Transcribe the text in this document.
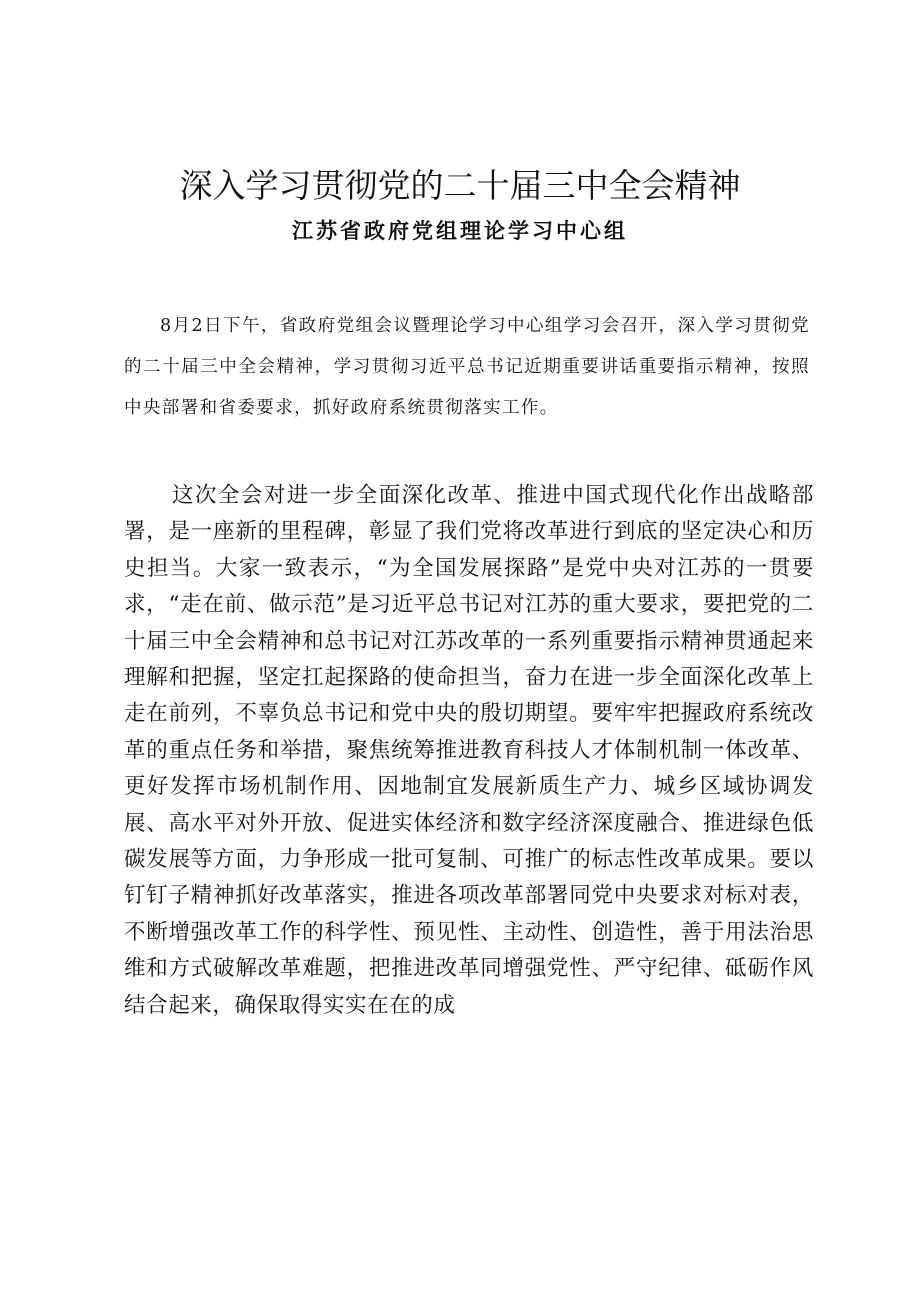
深入学习贯彻党的二十届三中全会精神
江苏省政府党组理论学习中心组

8月2日下午，省政府党组会议暨理论学习中心组学习会召开，深入学习贯彻党的二十届三中全会精神，学习贯彻习近平总书记近期重要讲话重要指示精神，按照中央部署和省委要求，抓好政府系统贯彻落实工作。

这次全会对进一步全面深化改革、推进中国式现代化作出战略部署，是一座新的里程碑，彰显了我们党将改革进行到底的坚定决心和历史担当。大家一致表示，“为全国发展探路”是党中央对江苏的一贯要求，“走在前、做示范”是习近平总书记对江苏的重大要求，要把党的二十届三中全会精神和总书记对江苏改革的一系列重要指示精神贯通起来理解和把握，坚定扛起探路的使命担当，奋力在进一步全面深化改革上走在前列，不辜负总书记和党中央的殷切期望。要牢牢把握政府系统改革的重点任务和举措，聚焦统筹推进教育科技人才体制机制一体改革、更好发挥市场机制作用、因地制宜发展新质生产力、城乡区域协调发展、高水平对外开放、促进实体经济和数字经济深度融合、推进绿色低碳发展等方面，力争形成一批可复制、可推广的标志性改革成果。要以钉钉子精神抓好改革落实，推进各项改革部署同党中央要求对标对表，不断增强改革工作的科学性、预见性、主动性、创造性，善于用法治思维和方式破解改革难题，把推进改革同增强党性、严守纪律、砥砺作风结合起来，确保取得实实在在的成
